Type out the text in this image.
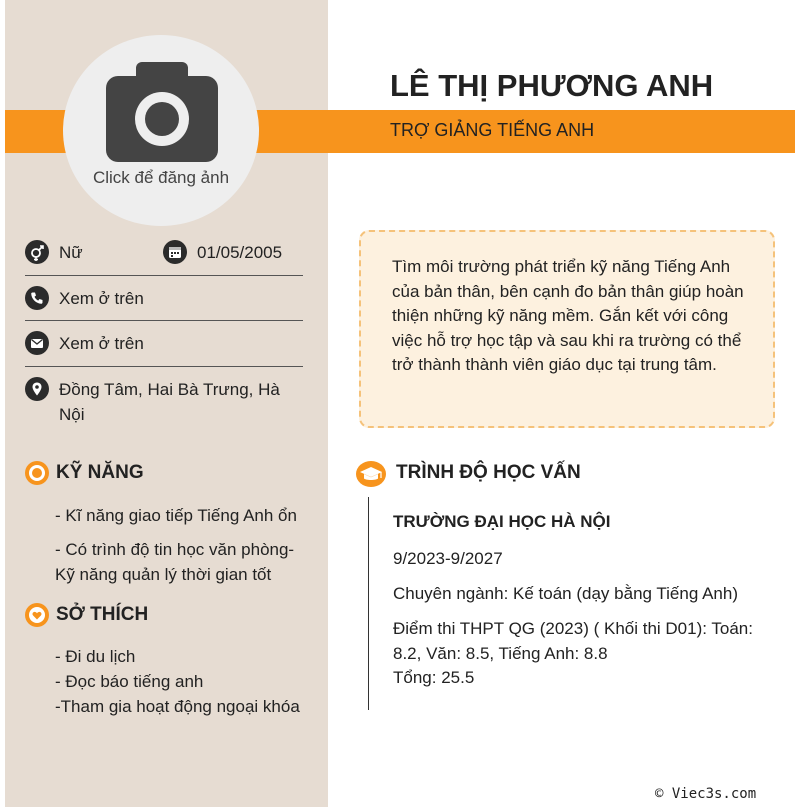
Click để đăng ảnh
LÊ THỊ PHƯƠNG ANH
TRỢ GIẢNG TIẾNG ANH
Nữ	01/05/2005
Xem ở trên
Xem ở trên
Đồng Tâm, Hai Bà Trưng, Hà Nội
KỸ NĂNG
- Kĩ năng giao tiếp Tiếng Anh ổn
- Có trình độ tin học văn phòng- Kỹ năng quản lý thời gian tốt
SỞ THÍCH
- Đi du lịch
- Đọc báo tiếng anh
-Tham gia hoạt động ngoại khóa
Tìm môi trường phát triển kỹ năng Tiếng Anh của bản thân, bên cạnh đo bản thân giúp hoàn thiện những kỹ năng mềm. Gắn kết với công việc hỗ trợ học tập và sau khi ra trường có thể trở thành thành viên giáo dục tại trung tâm.
TRÌNH ĐỘ HỌC VẤN
TRƯỜNG ĐẠI HỌC HÀ NỘI
9/2023-9/2027
Chuyên ngành: Kế toán (dạy bằng Tiếng Anh)
Điểm thi THPT QG (2023) ( Khối thi D01): Toán: 8.2, Văn: 8.5, Tiếng Anh: 8.8
Tổng: 25.5
© Viec3s.com
